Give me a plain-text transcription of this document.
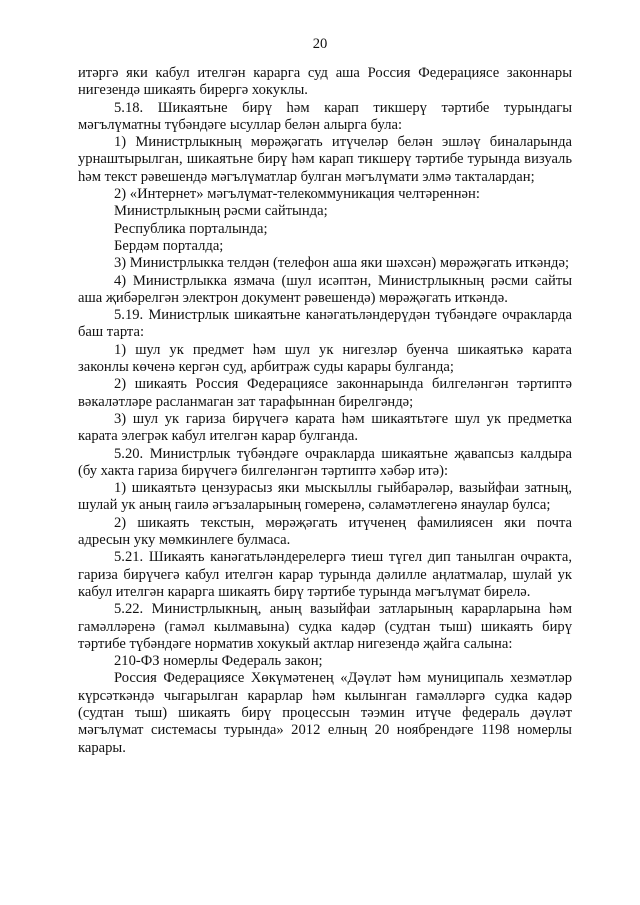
20

итәргә яки кабул ителгән карарга суд аша Россия Федерациясе законнары нигезендә шикаять бирергә хокуклы.

5.18. Шикаятьне бирү һәм карап тикшерү тәртибе турындагы мәгълүматны түбәндәге ысуллар белән алырга була:

1) Министрлыкның мөрәҗәгать итүчеләр белән эшләү биналарында урнаштырылган, шикаятьне бирү һәм карап тикшерү тәртибе турында визуаль һәм текст рәвешендә мәгълүматлар булган мәгълүмати элмә такталардан;

2) «Интернет» мәгълүмат-телекоммуникация челтәреннән:

Министрлыкның рәсми сайтында;

Республика порталында;

Бердәм порталда;

3) Министрлыкка телдән (телефон аша яки шәхсән) мөрәҗәгать иткәндә;

4) Министрлыкка язмача (шул исәптән, Министрлыкның рәсми сайты аша җибәрелгән электрон документ рәвешендә) мөрәҗәгать иткәндә.

5.19. Министрлык шикаятьне канәгатьләндерүдән түбәндәге очракларда баш тарта:

1) шул ук предмет һәм шул ук нигезләр буенча шикаятькә карата законлы көченә кергән суд, арбитраж суды карары булганда;

2) шикаять Россия Федерациясе законнарында билгеләнгән тәртиптә вәкаләтләре расланмаган зат тарафыннан бирелгәндә;

3) шул ук гариза бирүчегә карата һәм шикаятьтәге шул ук предметка карата элегрәк кабул ителгән карар булганда.

5.20. Министрлык түбәндәге очракларда шикаятьне җавапсыз калдыра (бу хакта гариза бирүчегә билгеләнгән тәртиптә хәбәр итә):

1) шикаятьтә цензурасыз яки мыскыллы гыйбарәләр, вазыйфаи затның, шулай ук аның гаилә әгъзаларының гомеренә, сәламәтлегенә янаулар булса;

2) шикаять текстын, мөрәҗәгать итүченең фамилиясен яки почта адресын уку мөмкинлеге булмаса.

5.21. Шикаять канәгатьләндерелергә тиеш түгел дип танылган очракта, гариза бирүчегә кабул ителгән карар турында дәлилле аңлатмалар, шулай ук кабул ителгән карарга шикаять бирү тәртибе турында мәгълүмат бирелә.

5.22. Министрлыкның, аның вазыйфаи затларының карарларына һәм гамәлләренә (гамәл кылмавына) судка кадәр (судтан тыш) шикаять бирү тәртибе түбәндәге норматив хокукый актлар нигезендә җайга салына:

210-ФЗ номерлы Федераль закон;

Россия Федерациясе Хөкүмәтенең «Дәүләт һәм муниципаль хезмәтләр күрсәткәндә чыгарылган карарлар һәм кылынган гамәлләргә судка кадәр (судтан тыш) шикаять бирү процессын тәэмин итүче федераль дәүләт мәгълүмат системасы турында» 2012 елның 20 ноябрендәге 1198 номерлы карары.
